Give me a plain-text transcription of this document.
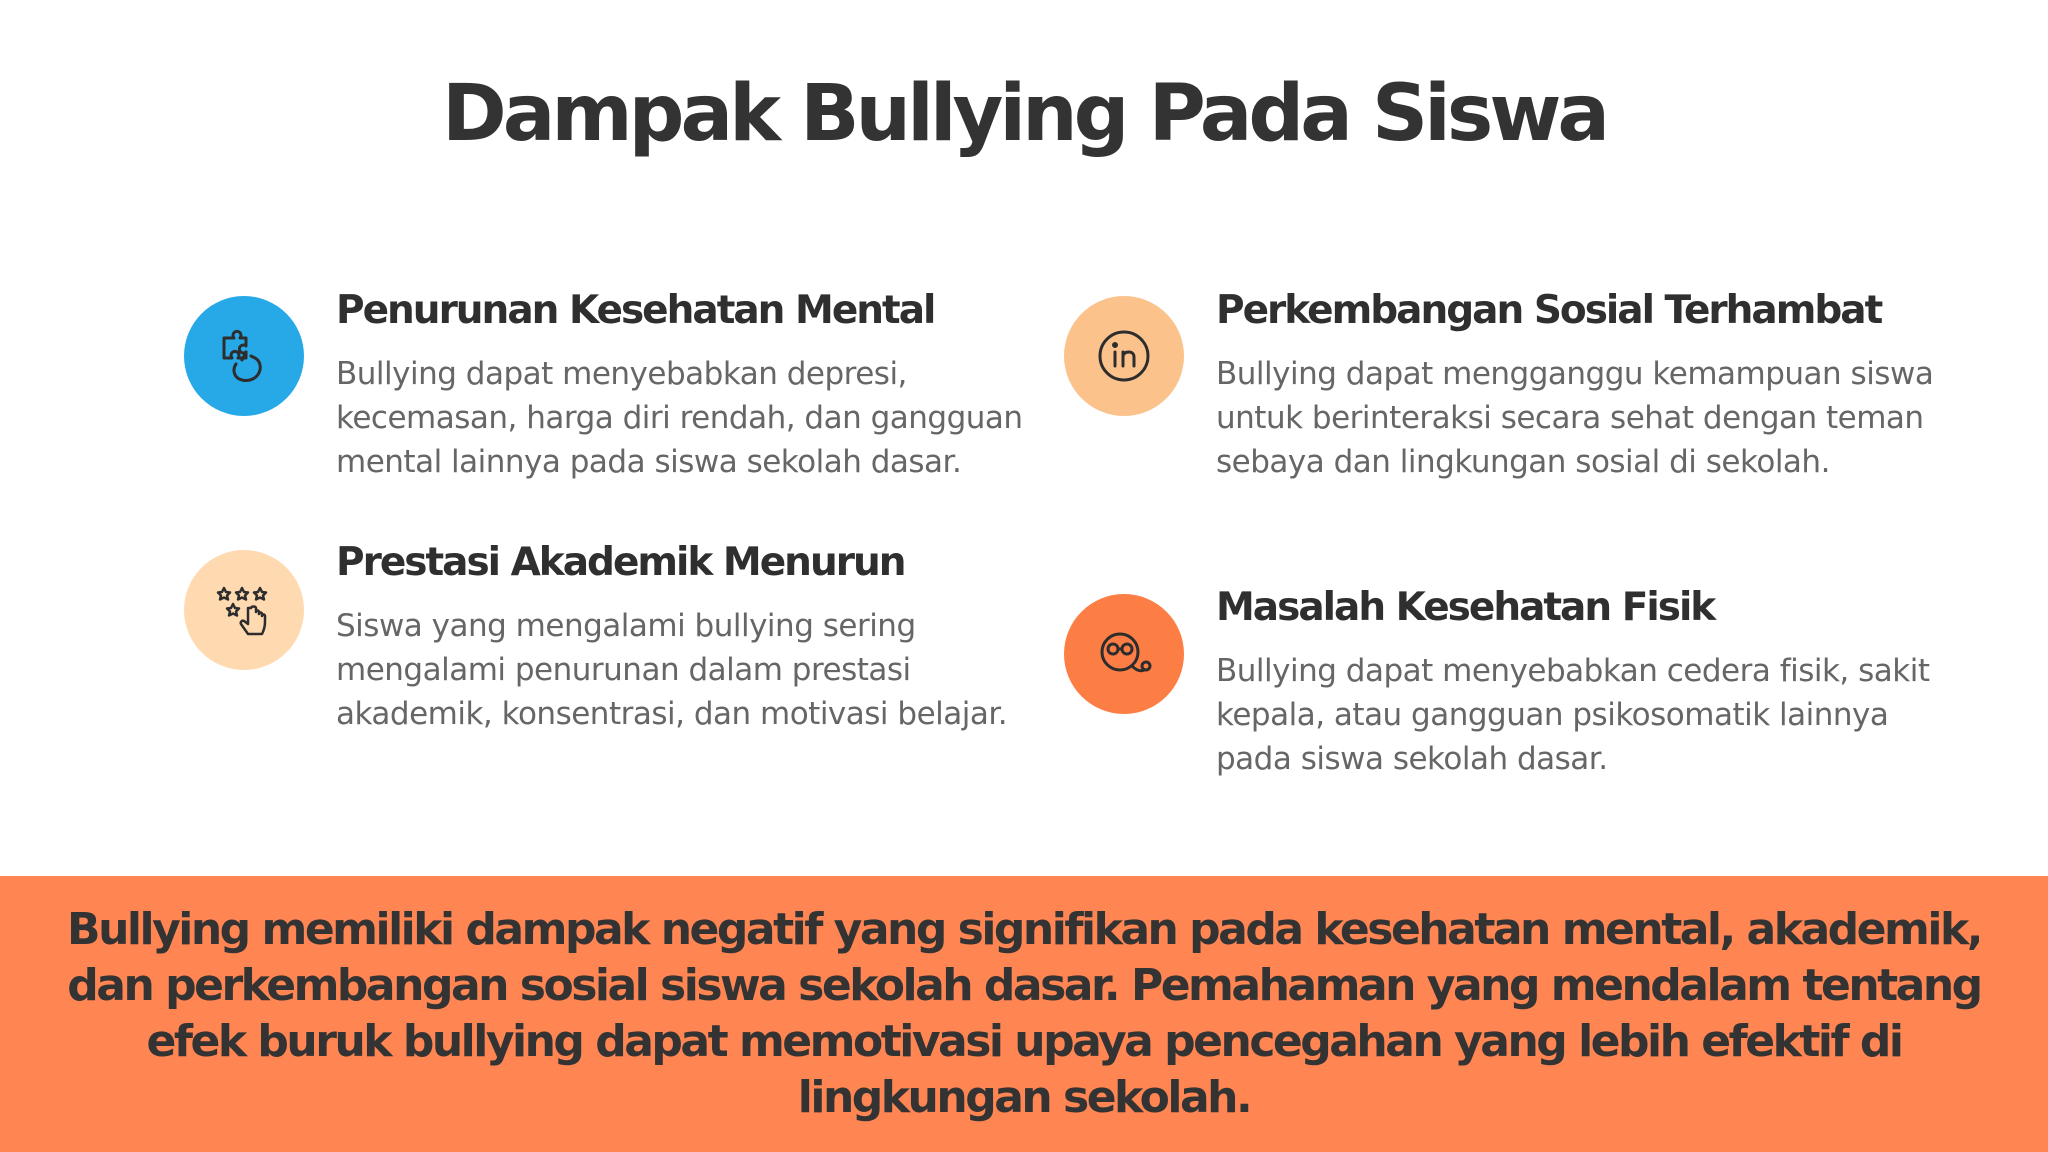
Dampak Bullying Pada Siswa
Penurunan Kesehatan Mental

Bullying dapat menyebabkan depresi, kecemasan, harga diri rendah, dan gangguan mental lainnya pada siswa sekolah dasar.

Perkembangan Sosial Terhambat

Bullying dapat mengganggu kemampuan siswa untuk berinteraksi secara sehat dengan teman sebaya dan lingkungan sosial di sekolah.

Prestasi Akademik Menurun

Siswa yang mengalami bullying sering mengalami penurunan dalam prestasi akademik, konsentrasi, dan motivasi belajar.

Masalah Kesehatan Fisik

Bullying dapat menyebabkan cedera fisik, sakit kepala, atau gangguan psikosomatik lainnya pada siswa sekolah dasar.

Bullying memiliki dampak negatif yang signifikan pada kesehatan mental, akademik, dan perkembangan sosial siswa sekolah dasar. Pemahaman yang mendalam tentang efek buruk bullying dapat memotivasi upaya pencegahan yang lebih efektif di lingkungan sekolah.
